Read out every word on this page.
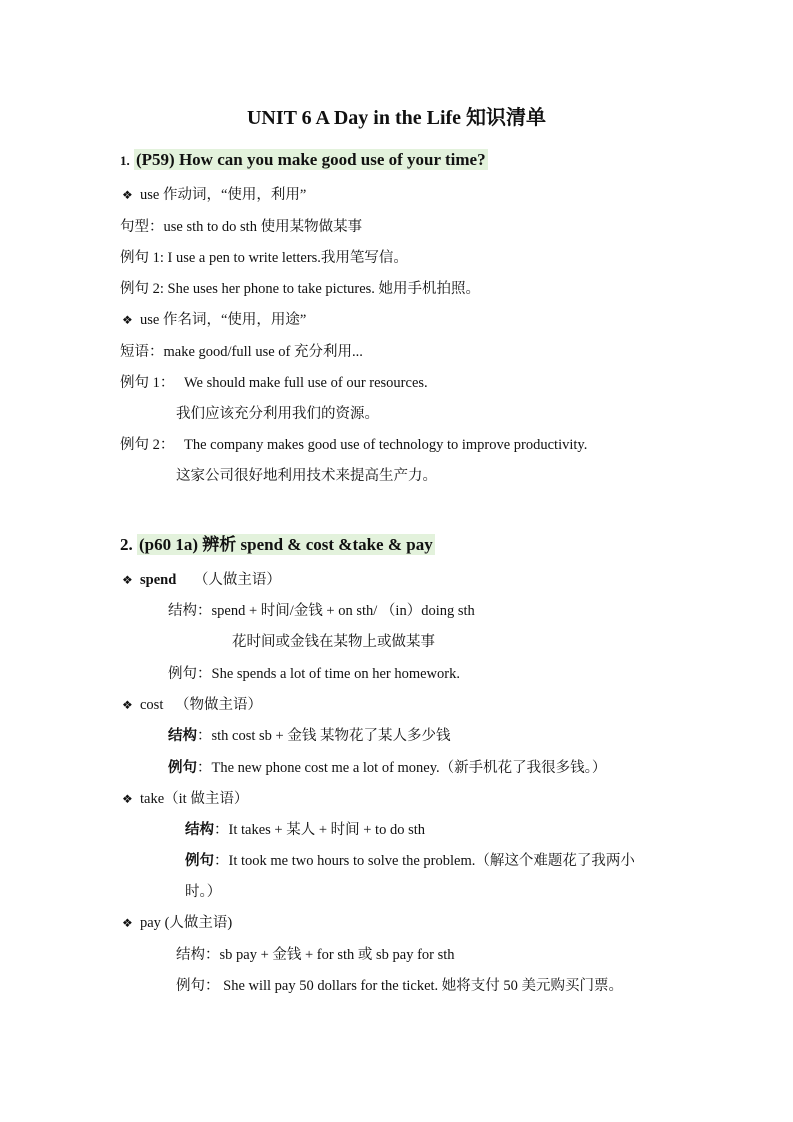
UNIT 6 A Day in the Life 知识清单
1. (P59) How can you make good use of your time?
❖ use 作动词，“使用，利用”
句型：use sth to do sth 使用某物做某事
例句 1: I use a pen to write letters.我用笔写信。
例句 2: She uses her phone to take pictures. 她用手机拍照。
❖ use 作名词，“使用，用途”
短语：make good/full use of 充分利用...
例句 1： We should make full use of our resources.
我们应该充分利用我们的资源。
例句 2： The company makes good use of technology to improve productivity.
这家公司很好地利用技术来提高生产力。
2. (p60 1a) 辨析 spend & cost &take & pay
❖ spend （人做主语）
结构：spend + 时间/金钱 + on sth/ （in）doing sth
花时间或金钱在某物上或做某事
例句：She spends a lot of time on her homework.
❖ cost （物做主语）
结构：sth cost sb + 金钱 某物花了某人多少钱
例句：The new phone cost me a lot of money.（新手机花了我很多钱。）
❖ take（it 做主语）
结构：It takes + 某人 + 时间 + to do sth
例句：It took me two hours to solve the problem.（解这个难题花了我两小
时。）
❖ pay (人做主语)
结构：sb pay + 金钱 + for sth 或 sb pay for sth
例句： She will pay 50 dollars for the ticket. 她将支付 50 美元购买门票。
